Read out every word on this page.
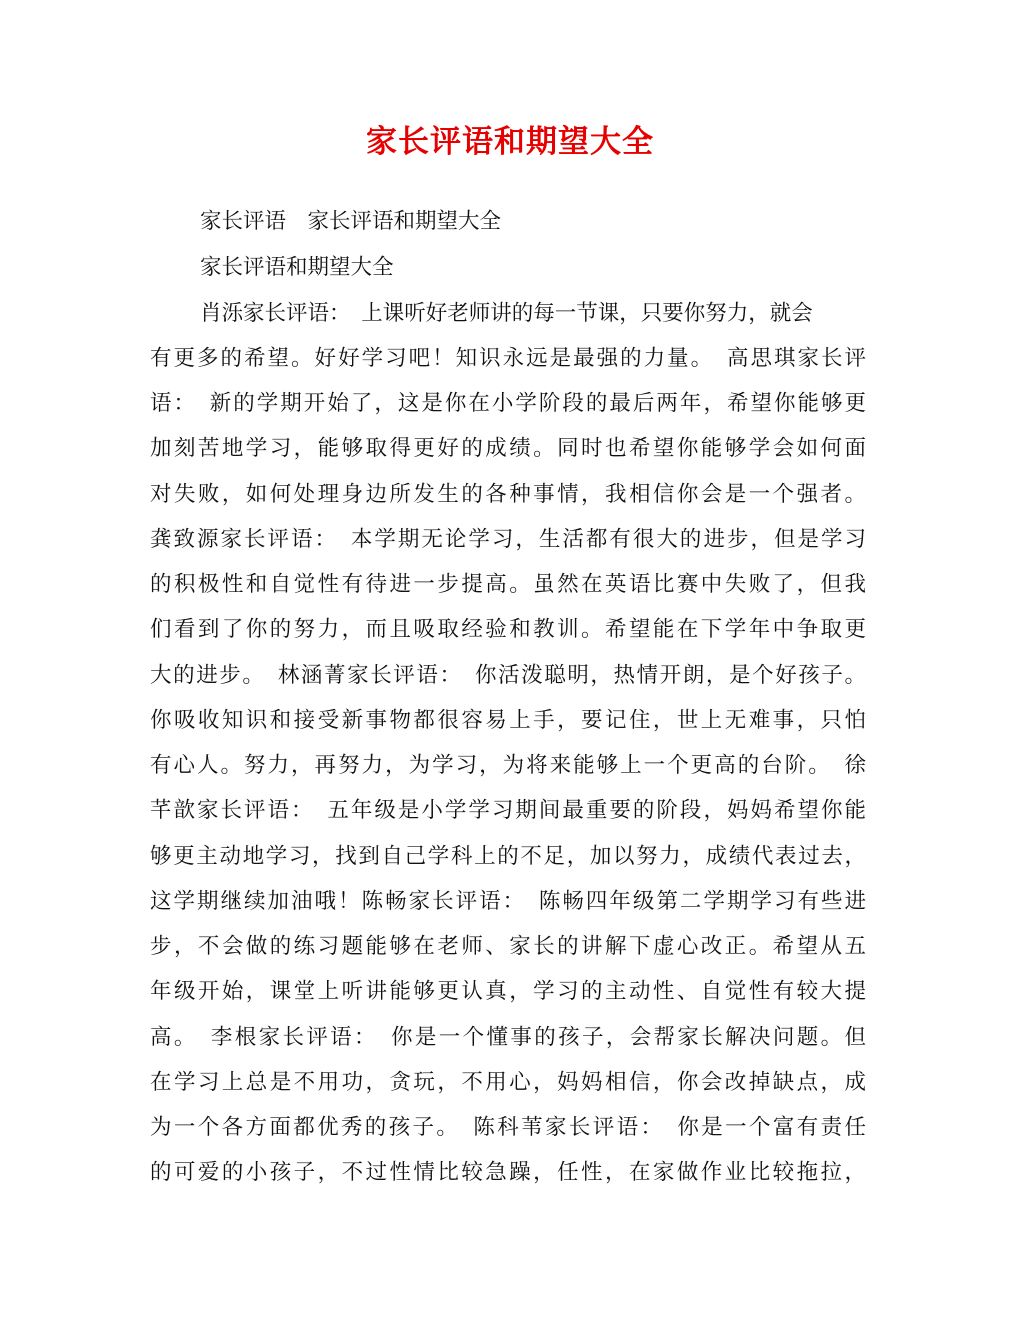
家长评语和期望大全
家长评语　家长评语和期望大全
家长评语和期望大全
肖泺家长评语：　上课听好老师讲的每一节课，只要你努力，就会
有更多的希望。好好学习吧！知识永远是最强的力量。　高思琪家长评
语：　新的学期开始了，这是你在小学阶段的最后两年，希望你能够更
加刻苦地学习，能够取得更好的成绩。同时也希望你能够学会如何面
对失败，如何处理身边所发生的各种事情，我相信你会是一个强者。
龚致源家长评语：　本学期无论学习，生活都有很大的进步，但是学习
的积极性和自觉性有待进一步提高。虽然在英语比赛中失败了，但我
们看到了你的努力，而且吸取经验和教训。希望能在下学年中争取更
大的进步。　林涵菁家长评语：　你活泼聪明，热情开朗，是个好孩子。
你吸收知识和接受新事物都很容易上手，要记住，世上无难事，只怕
有心人。努力，再努力，为学习，为将来能够上一个更高的台阶。　徐
芊歆家长评语：　五年级是小学学习期间最重要的阶段，妈妈希望你能
够更主动地学习，找到自己学科上的不足，加以努力，成绩代表过去，
这学期继续加油哦！陈畅家长评语：　陈畅四年级第二学期学习有些进
步，不会做的练习题能够在老师、家长的讲解下虚心改正。希望从五
年级开始，课堂上听讲能够更认真，学习的主动性、自觉性有较大提
高。　李根家长评语：　你是一个懂事的孩子，会帮家长解决问题。但
在学习上总是不用功，贪玩，不用心，妈妈相信，你会改掉缺点，成
为一个各方面都优秀的孩子。　陈科苇家长评语：　你是一个富有责任
的可爱的小孩子，不过性情比较急躁，任性，在家做作业比较拖拉，
